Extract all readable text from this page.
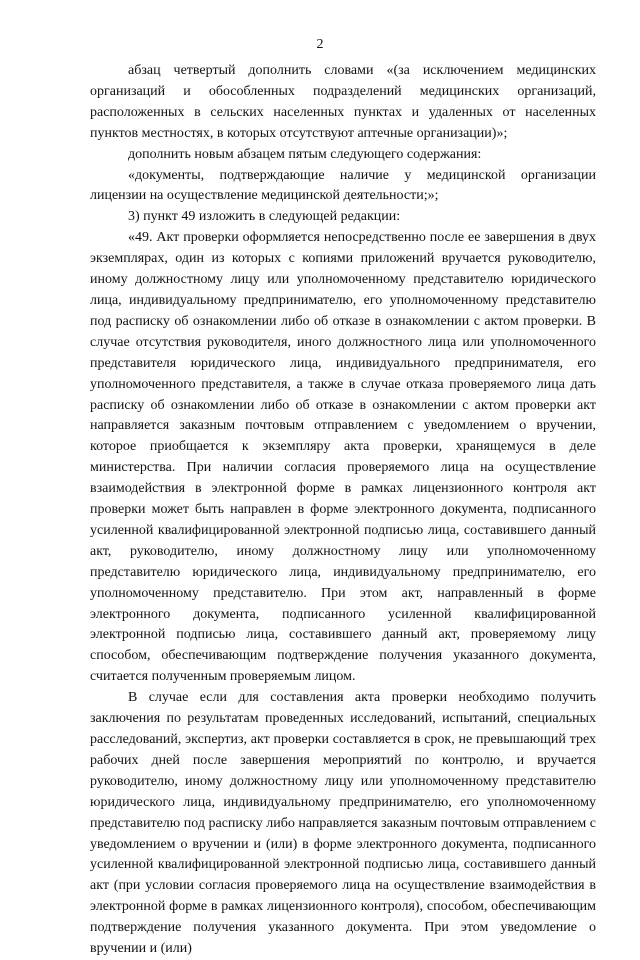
2

абзац четвертый дополнить словами «(за исключением медицинских организаций и обособленных подразделений медицинских организаций, расположенных в сельских населенных пунктах и удаленных от населенных пунктов местностях, в которых отсутствуют аптечные организации)»;

дополнить новым абзацем пятым следующего содержания:

«документы, подтверждающие наличие у медицинской организации лицензии на осуществление медицинской деятельности;»;

3) пункт 49 изложить в следующей редакции:

«49. Акт проверки оформляется непосредственно после ее завершения в двух экземплярах, один из которых с копиями приложений вручается руководителю, иному должностному лицу или уполномоченному представителю юридического лица, индивидуальному предпринимателю, его уполномоченному представителю под расписку об ознакомлении либо об отказе в ознакомлении с актом проверки. В случае отсутствия руководителя, иного должностного лица или уполномоченного представителя юридического лица, индивидуального предпринимателя, его уполномоченного представителя, а также в случае отказа проверяемого лица дать расписку об ознакомлении либо об отказе в ознакомлении с актом проверки акт направляется заказным почтовым отправлением с уведомлением о вручении, которое приобщается к экземпляру акта проверки, хранящемуся в деле министерства. При наличии согласия проверяемого лица на осуществление взаимодействия в электронной форме в рамках лицензионного контроля акт проверки может быть направлен в форме электронного документа, подписанного усиленной квалифицированной электронной подписью лица, составившего данный акт, руководителю, иному должностному лицу или уполномоченному представителю юридического лица, индивидуальному предпринимателю, его уполномоченному представителю. При этом акт, направленный в форме электронного документа, подписанного усиленной квалифицированной электронной подписью лица, составившего данный акт, проверяемому лицу способом, обеспечивающим подтверждение получения указанного документа, считается полученным проверяемым лицом.

В случае если для составления акта проверки необходимо получить заключения по результатам проведенных исследований, испытаний, специальных расследований, экспертиз, акт проверки составляется в срок, не превышающий трех рабочих дней после завершения мероприятий по контролю, и вручается руководителю, иному должностному лицу или уполномоченному представителю юридического лица, индивидуальному предпринимателю, его уполномоченному представителю под расписку либо направляется заказным почтовым отправлением с уведомлением о вручении и (или) в форме электронного документа, подписанного усиленной квалифицированной электронной подписью лица, составившего данный акт (при условии согласия проверяемого лица на осуществление взаимодействия в электронной форме в рамках лицензионного контроля), способом, обеспечивающим подтверждение получения указанного документа. При этом уведомление о вручении и (или)
